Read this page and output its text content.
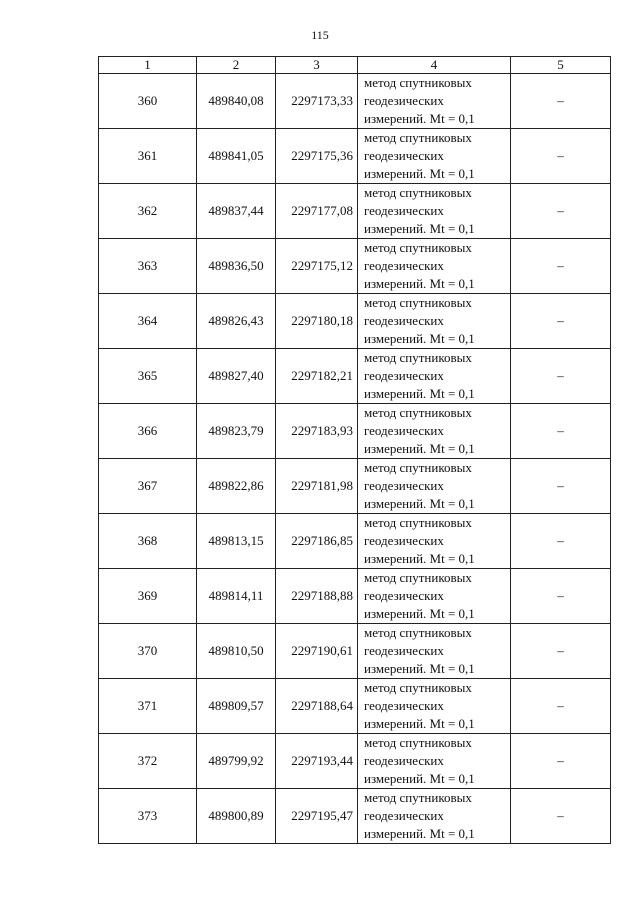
115
1	2	3	4	5
360	489840,08	2297173,33	метод спутниковых
геодезических
измерений. Mt = 0,1	–
361	489841,05	2297175,36	метод спутниковых
геодезических
измерений. Mt = 0,1	–
362	489837,44	2297177,08	метод спутниковых
геодезических
измерений. Mt = 0,1	–
363	489836,50	2297175,12	метод спутниковых
геодезических
измерений. Mt = 0,1	–
364	489826,43	2297180,18	метод спутниковых
геодезических
измерений. Mt = 0,1	–
365	489827,40	2297182,21	метод спутниковых
геодезических
измерений. Mt = 0,1	–
366	489823,79	2297183,93	метод спутниковых
геодезических
измерений. Mt = 0,1	–
367	489822,86	2297181,98	метод спутниковых
геодезических
измерений. Mt = 0,1	–
368	489813,15	2297186,85	метод спутниковых
геодезических
измерений. Mt = 0,1	–
369	489814,11	2297188,88	метод спутниковых
геодезических
измерений. Mt = 0,1	–
370	489810,50	2297190,61	метод спутниковых
геодезических
измерений. Mt = 0,1	–
371	489809,57	2297188,64	метод спутниковых
геодезических
измерений. Mt = 0,1	–
372	489799,92	2297193,44	метод спутниковых
геодезических
измерений. Mt = 0,1	–
373	489800,89	2297195,47	метод спутниковых
геодезических
измерений. Mt = 0,1	–
